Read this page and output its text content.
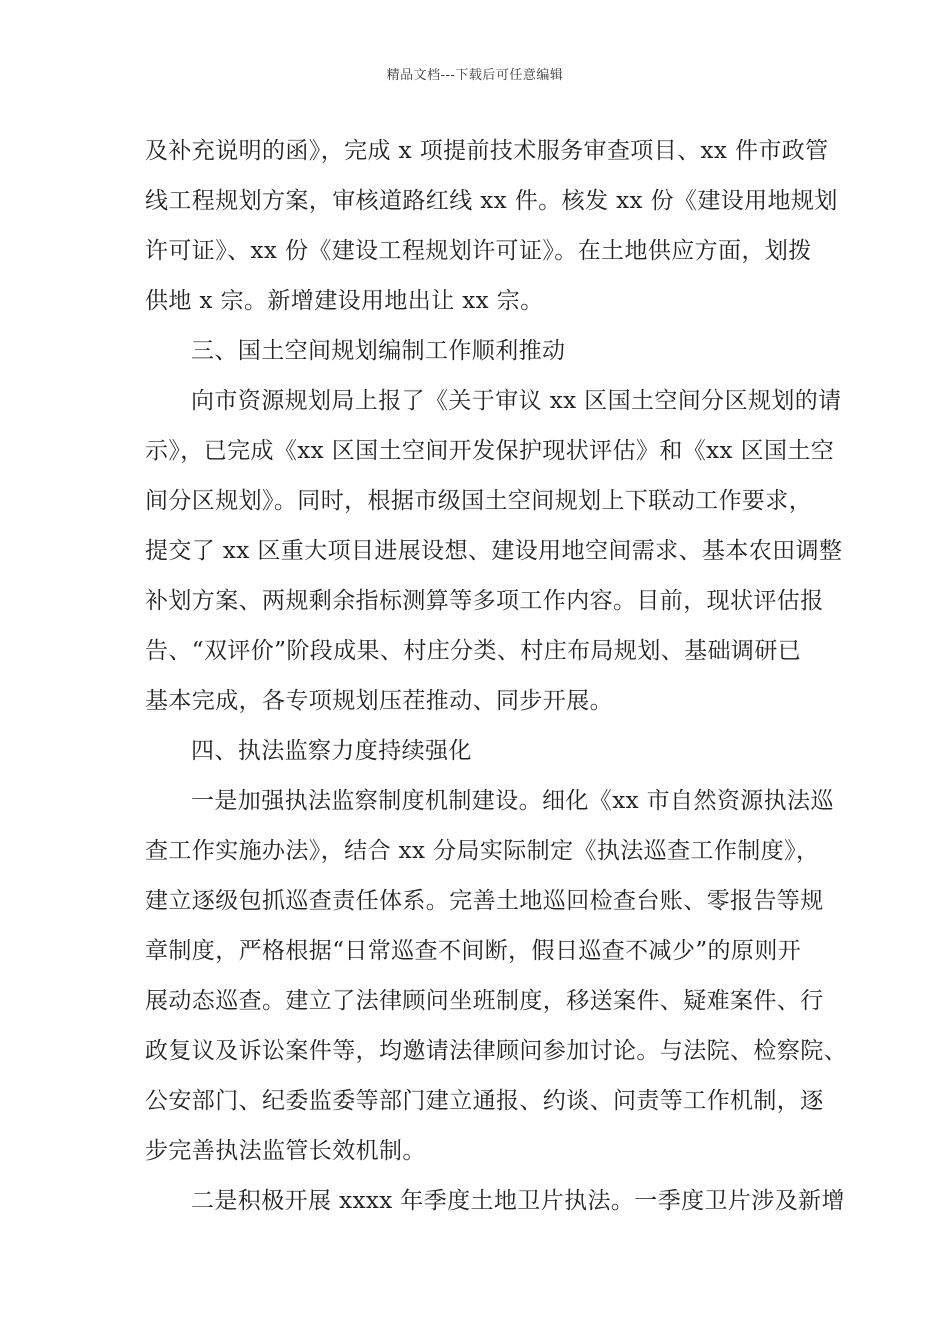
精品文档---下载后可任意编辑
及补充说明的函》，完成 x 项提前技术服务审查项目、xx 件市政管
线工程规划方案，审核道路红线 xx 件。核发 xx 份《建设用地规划
许可证》、xx 份《建设工程规划许可证》。在土地供应方面，划拨
供地 x 宗。新增建设用地出让 xx 宗。
三、国土空间规划编制工作顺利推动
向市资源规划局上报了《关于审议 xx 区国土空间分区规划的请
示》，已完成《xx 区国土空间开发保护现状评估》和《xx 区国土空
间分区规划》。同时，根据市级国土空间规划上下联动工作要求，
提交了 xx 区重大项目进展设想、建设用地空间需求、基本农田调整
补划方案、两规剩余指标测算等多项工作内容。目前，现状评估报
告、“双评价”阶段成果、村庄分类、村庄布局规划、基础调研已
基本完成，各专项规划压茬推动、同步开展。
四、执法监察力度持续强化
一是加强执法监察制度机制建设。细化《xx 市自然资源执法巡
查工作实施办法》，结合 xx 分局实际制定《执法巡查工作制度》，
建立逐级包抓巡查责任体系。完善土地巡回检查台账、零报告等规
章制度，严格根据“日常巡查不间断，假日巡查不减少”的原则开
展动态巡查。建立了法律顾问坐班制度，移送案件、疑难案件、行
政复议及诉讼案件等，均邀请法律顾问参加讨论。与法院、检察院、
公安部门、纪委监委等部门建立通报、约谈、问责等工作机制，逐
步完善执法监管长效机制。
二是积极开展 xxxx 年季度土地卫片执法。一季度卫片涉及新增
